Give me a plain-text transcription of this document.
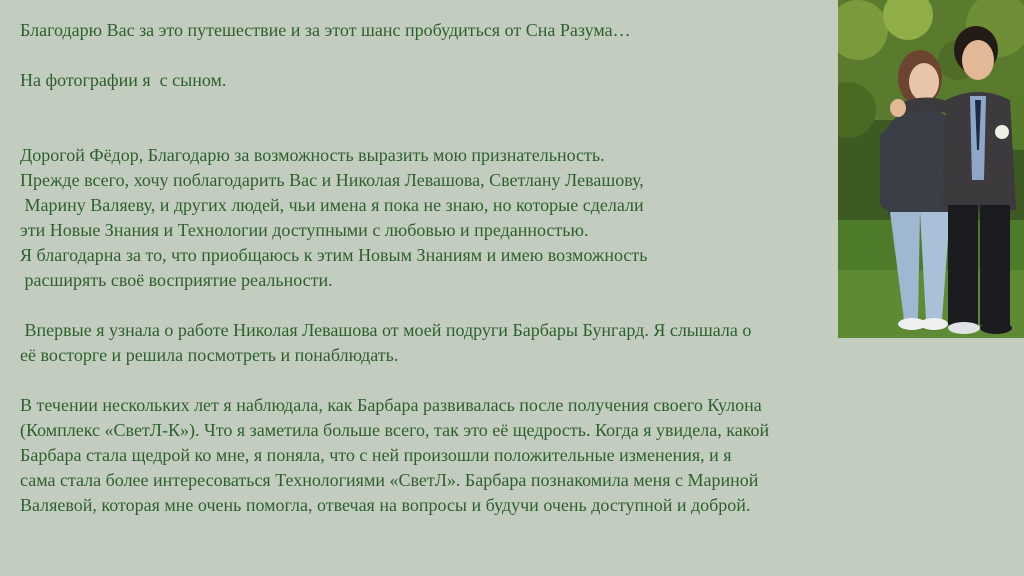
Благодарю Вас за это путешествие и за этот шанс пробудиться от Сна Разума…
На фотографии я  с сыном.
Дорогой Фёдор, Благодарю за возможность выразить мою признательность.
Прежде всего, хочу поблагодарить Вас и Николая Левашова, Светлану Левашову,
Марину Валяеву, и других людей, чьи имена я пока не знаю, но которые сделали
эти Новые Знания и Технологии доступными с любовью и преданностью.
Я благодарна за то, что приобщаюсь к этим Новым Знаниям и имею возможность
расширять своё восприятие реальности.
Впервые я узнала о работе Николая Левашова от моей подруги Барбары Бунгард. Я слышала о
её восторге и решила посмотреть и понаблюдать.
В течении нескольких лет я наблюдала, как Барбара развивалась после получения своего Кулона
(Комплекс «СветЛ-К»). Что я заметила больше всего, так это её щедрость. Когда я увидела, какой
Барбара стала щедрой ко мне, я поняла, что с ней произошли положительные изменения, и я
сама стала более интересоваться Технологиями «СветЛ». Барбара познакомила меня с Мариной
Валяевой, которая мне очень помогла, отвечая на вопросы и будучи очень доступной и доброй.
